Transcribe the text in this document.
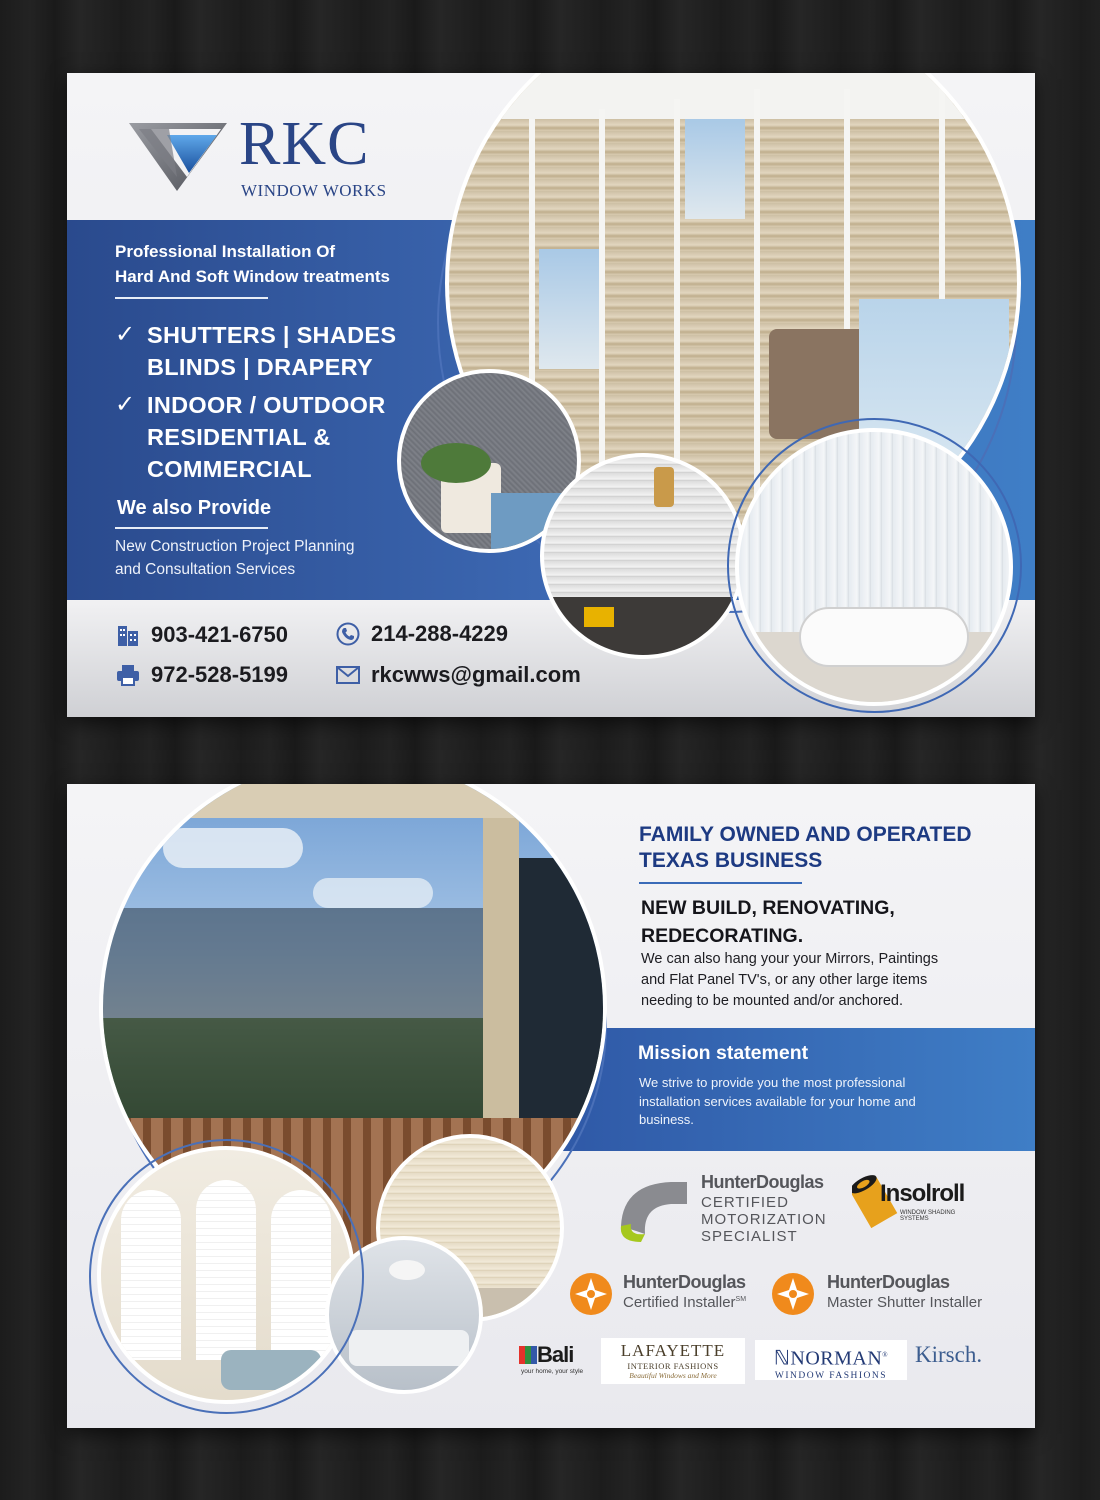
RKC
WINDOW WORKS
Professional Installation Of
Hard And Soft Window treatments
✓ SHUTTERS | SHADES
BLINDS | DRAPERY
✓ INDOOR / OUTDOOR
RESIDENTIAL &
COMMERCIAL
We also Provide
New Construction Project Planning
and Consultation Services
903-421-6750	214-288-4229
972-528-5199	rkcwws@gmail.com
FAMILY OWNED AND OPERATED
TEXAS BUSINESS
NEW BUILD, RENOVATING,
REDECORATING.
We can also hang your your Mirrors, Paintings
and Flat Panel TV's, or any other large items
needing to be mounted and/or anchored.
Mission statement
We strive to provide you the most professional
installation services available for your home and
business.
HunterDouglas
CERTIFIED
MOTORIZATION
SPECIALIST
Insolroll
WINDOW SHADING SYSTEMS
HunterDouglas
Certified Installer℠
HunterDouglas
Master Shutter Installer
Bali
your home, your style
LAFAYETTE
INTERIOR FASHIONS
Beautiful Windows and More
ℕNORMAN®
WINDOW FASHIONS
Kirsch.
